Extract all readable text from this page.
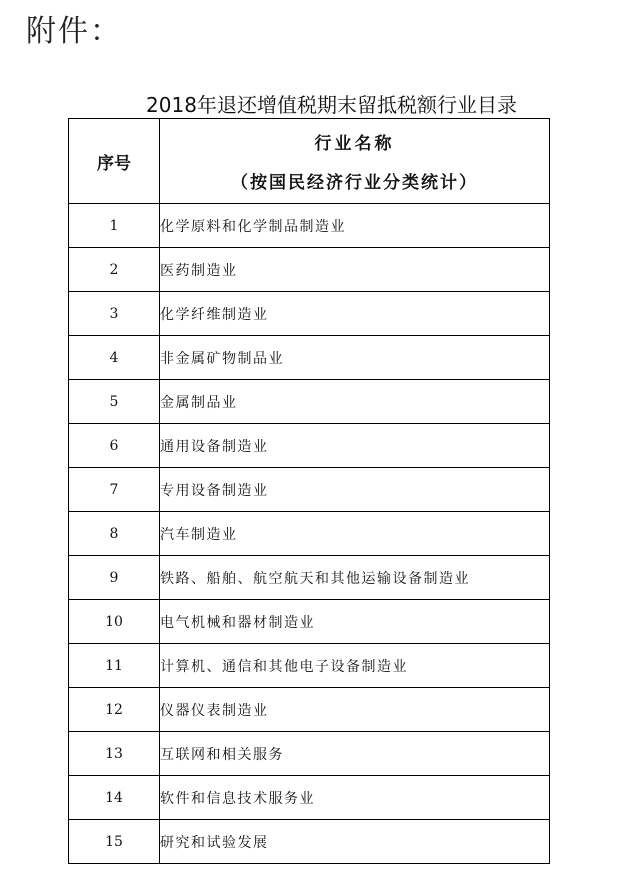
附件：
2018年退还增值税期末留抵税额行业目录
序号	行业名称
（按国民经济行业分类统计）

1	化学原料和化学制品制造业
2	医药制造业
3	化学纤维制造业
4	非金属矿物制品业
5	金属制品业
6	通用设备制造业
7	专用设备制造业
8	汽车制造业
9	铁路、船舶、航空航天和其他运输设备制造业
10	电气机械和器材制造业
11	计算机、通信和其他电子设备制造业
12	仪器仪表制造业
13	互联网和相关服务
14	软件和信息技术服务业
15	研究和试验发展
